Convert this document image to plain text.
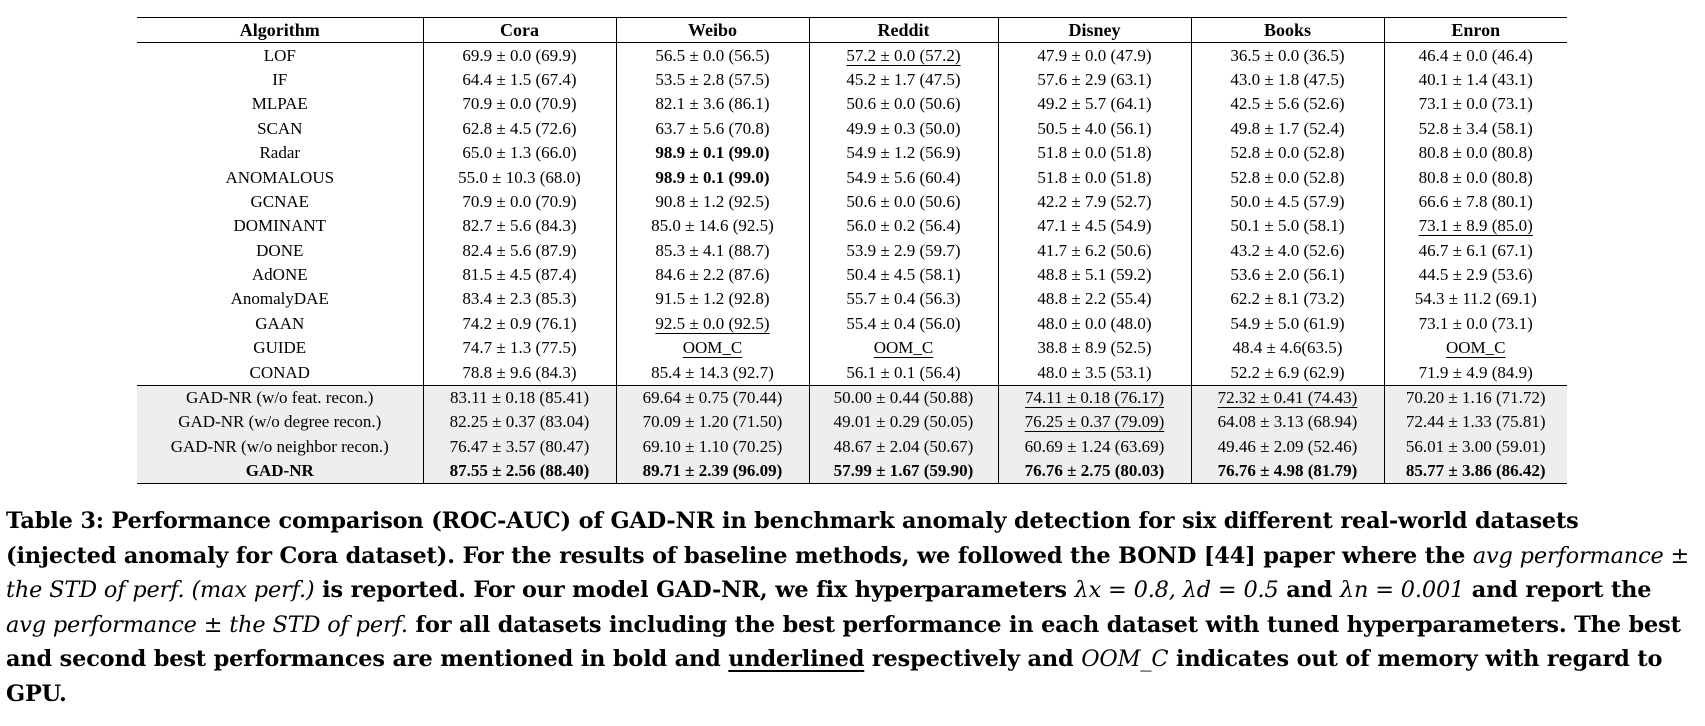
Algorithm	Cora	Weibo	Reddit	Disney	Books	Enron
LOF	69.9 ± 0.0 (69.9)	56.5 ± 0.0 (56.5)	57.2 ± 0.0 (57.2)	47.9 ± 0.0 (47.9)	36.5 ± 0.0 (36.5)	46.4 ± 0.0 (46.4)
IF	64.4 ± 1.5 (67.4)	53.5 ± 2.8 (57.5)	45.2 ± 1.7 (47.5)	57.6 ± 2.9 (63.1)	43.0 ± 1.8 (47.5)	40.1 ± 1.4 (43.1)
MLPAE	70.9 ± 0.0 (70.9)	82.1 ± 3.6 (86.1)	50.6 ± 0.0 (50.6)	49.2 ± 5.7 (64.1)	42.5 ± 5.6 (52.6)	73.1 ± 0.0 (73.1)
SCAN	62.8 ± 4.5 (72.6)	63.7 ± 5.6 (70.8)	49.9 ± 0.3 (50.0)	50.5 ± 4.0 (56.1)	49.8 ± 1.7 (52.4)	52.8 ± 3.4 (58.1)
Radar	65.0 ± 1.3 (66.0)	98.9 ± 0.1 (99.0)	54.9 ± 1.2 (56.9)	51.8 ± 0.0 (51.8)	52.8 ± 0.0 (52.8)	80.8 ± 0.0 (80.8)
ANOMALOUS	55.0 ± 10.3 (68.0)	98.9 ± 0.1 (99.0)	54.9 ± 5.6 (60.4)	51.8 ± 0.0 (51.8)	52.8 ± 0.0 (52.8)	80.8 ± 0.0 (80.8)
GCNAE	70.9 ± 0.0 (70.9)	90.8 ± 1.2 (92.5)	50.6 ± 0.0 (50.6)	42.2 ± 7.9 (52.7)	50.0 ± 4.5 (57.9)	66.6 ± 7.8 (80.1)
DOMINANT	82.7 ± 5.6 (84.3)	85.0 ± 14.6 (92.5)	56.0 ± 0.2 (56.4)	47.1 ± 4.5 (54.9)	50.1 ± 5.0 (58.1)	73.1 ± 8.9 (85.0)
DONE	82.4 ± 5.6 (87.9)	85.3 ± 4.1 (88.7)	53.9 ± 2.9 (59.7)	41.7 ± 6.2 (50.6)	43.2 ± 4.0 (52.6)	46.7 ± 6.1 (67.1)
AdONE	81.5 ± 4.5 (87.4)	84.6 ± 2.2 (87.6)	50.4 ± 4.5 (58.1)	48.8 ± 5.1 (59.2)	53.6 ± 2.0 (56.1)	44.5 ± 2.9 (53.6)
AnomalyDAE	83.4 ± 2.3 (85.3)	91.5 ± 1.2 (92.8)	55.7 ± 0.4 (56.3)	48.8 ± 2.2 (55.4)	62.2 ± 8.1 (73.2)	54.3 ± 11.2 (69.1)
GAAN	74.2 ± 0.9 (76.1)	92.5 ± 0.0 (92.5)	55.4 ± 0.4 (56.0)	48.0 ± 0.0 (48.0)	54.9 ± 5.0 (61.9)	73.1 ± 0.0 (73.1)
GUIDE	74.7 ± 1.3 (77.5)	OOM_C	OOM_C	38.8 ± 8.9 (52.5)	48.4 ± 4.6(63.5)	OOM_C
CONAD	78.8 ± 9.6 (84.3)	85.4 ± 14.3 (92.7)	56.1 ± 0.1 (56.4)	48.0 ± 3.5 (53.1)	52.2 ± 6.9 (62.9)	71.9 ± 4.9 (84.9)
GAD-NR (w/o feat. recon.)	83.11 ± 0.18 (85.41)	69.64 ± 0.75 (70.44)	50.00 ± 0.44 (50.88)	74.11 ± 0.18 (76.17)	72.32 ± 0.41 (74.43)	70.20 ± 1.16 (71.72)
GAD-NR (w/o degree recon.)	82.25 ± 0.37 (83.04)	70.09 ± 1.20 (71.50)	49.01 ± 0.29 (50.05)	76.25 ± 0.37 (79.09)	64.08 ± 3.13 (68.94)	72.44 ± 1.33 (75.81)
GAD-NR (w/o neighbor recon.)	76.47 ± 3.57 (80.47)	69.10 ± 1.10 (70.25)	48.67 ± 2.04 (50.67)	60.69 ± 1.24 (63.69)	49.46 ± 2.09 (52.46)	56.01 ± 3.00 (59.01)
GAD-NR	87.55 ± 2.56 (88.40)	89.71 ± 2.39 (96.09)	57.99 ± 1.67 (59.90)	76.76 ± 2.75 (80.03)	76.76 ± 4.98 (81.79)	85.77 ± 3.86 (86.42)

Table 3: Performance comparison (ROC-AUC) of GAD-NR in benchmark anomaly detection for six different real-world datasets (injected anomaly for Cora dataset). For the results of baseline methods, we followed the BOND [44] paper where the avg performance ± the STD of perf. (max perf.) is reported. For our model GAD-NR, we fix hyperparameters λx = 0.8, λd = 0.5 and λn = 0.001 and report the avg performance ± the STD of perf. for all datasets including the best performance in each dataset with tuned hyperparameters. The best and second best performances are mentioned in bold and underlined respectively and OOM_C indicates out of memory with regard to GPU.
